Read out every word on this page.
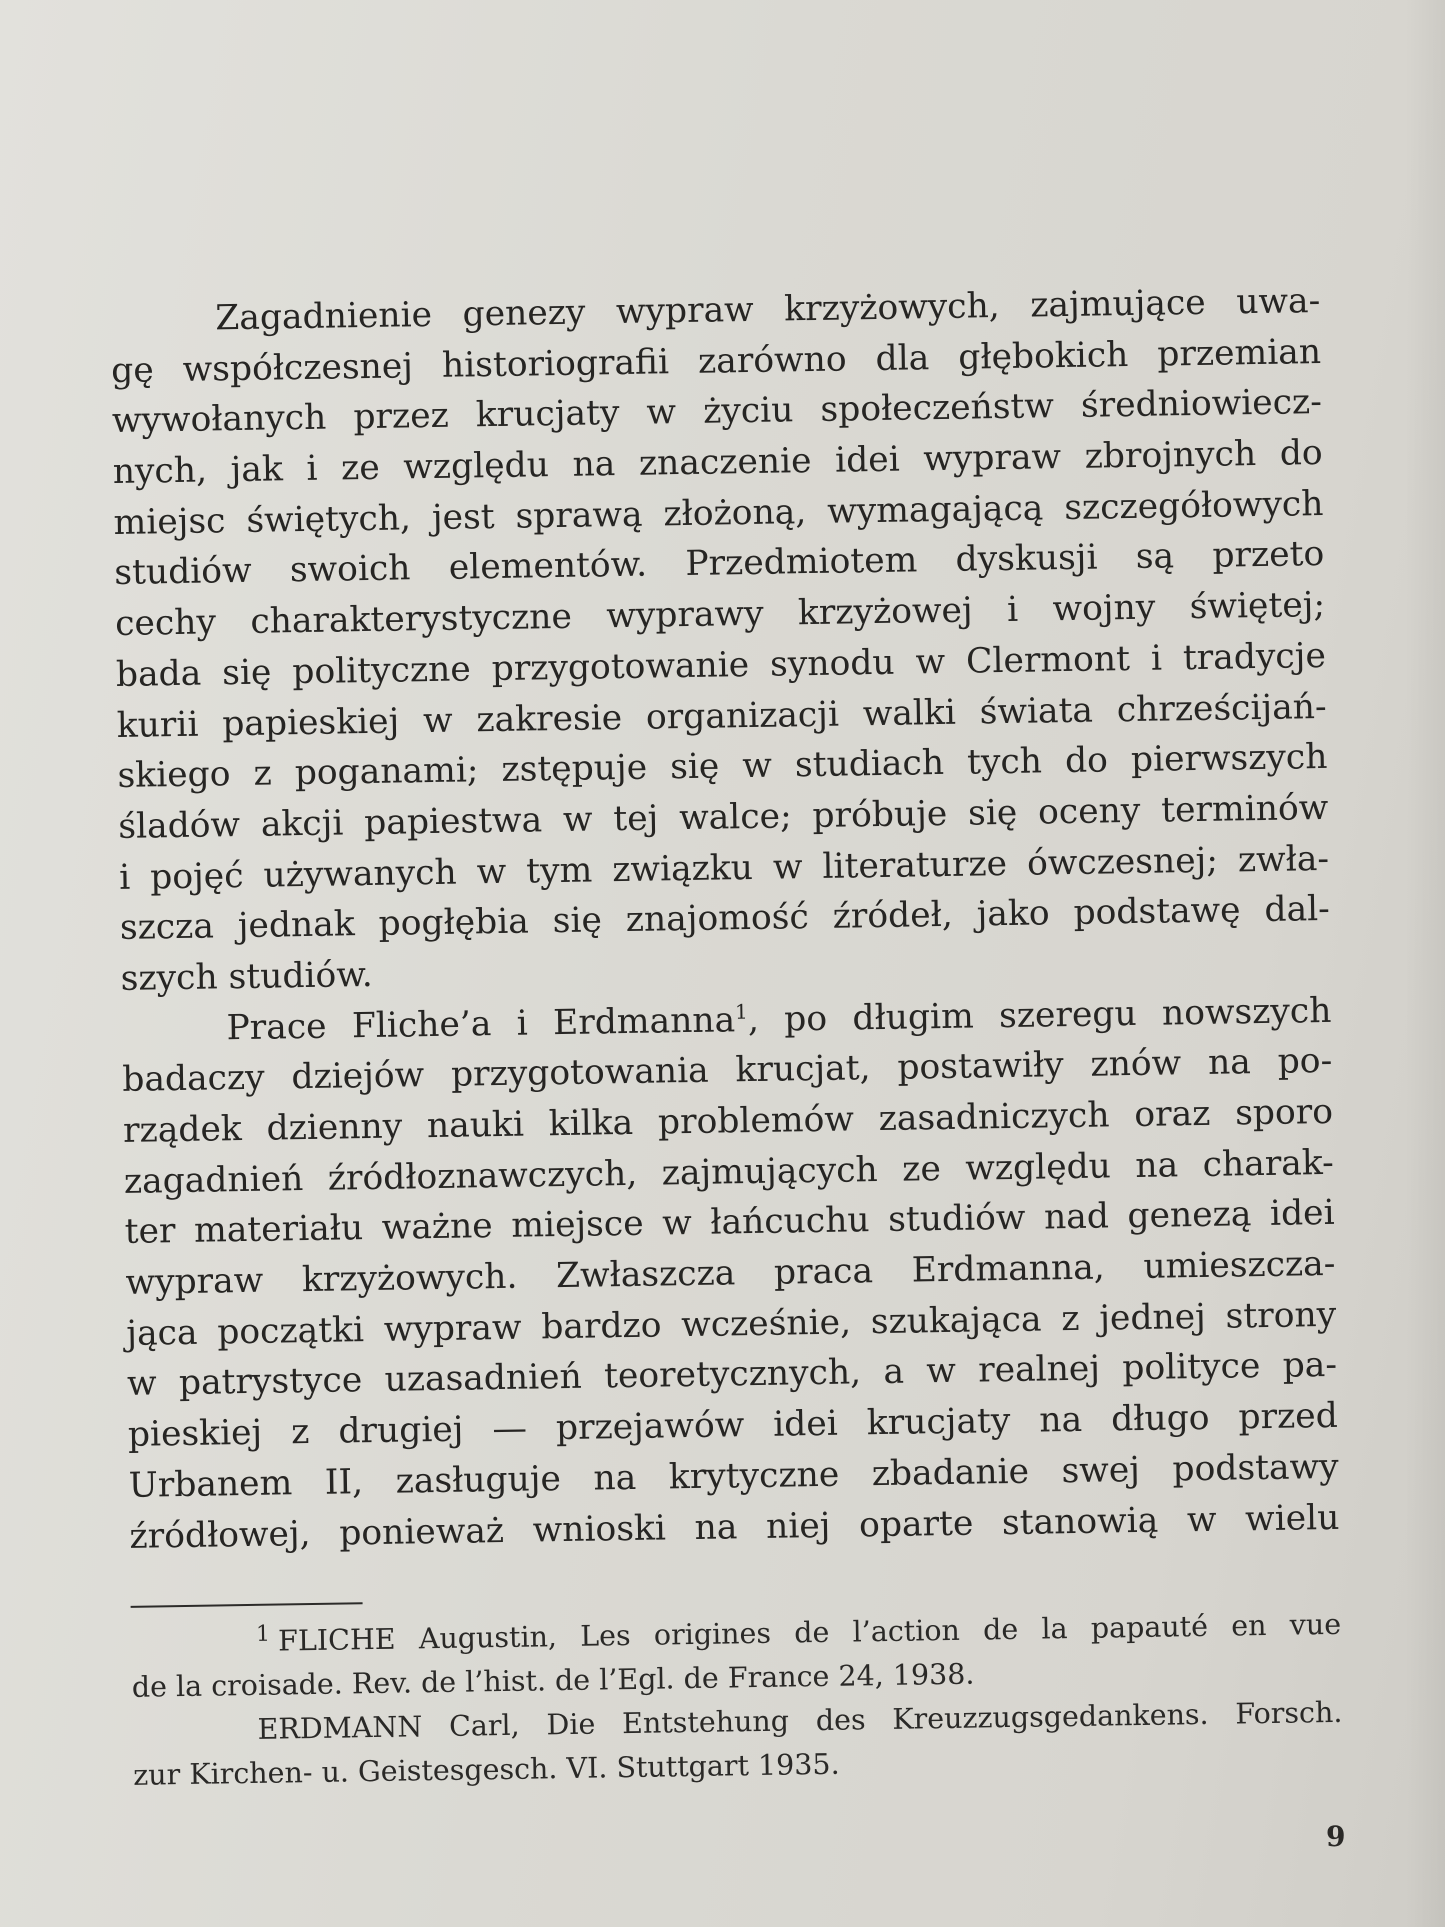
Zagadnienie genezy wypraw krzyżowych, zajmujące uwa-
gę współczesnej historiografii zarówno dla głębokich przemian
wywołanych przez krucjaty w życiu społeczeństw średniowiecz-
nych, jak i ze względu na znaczenie idei wypraw zbrojnych do
miejsc świętych, jest sprawą złożoną, wymagającą szczegółowych
studiów swoich elementów. Przedmiotem dyskusji są przeto
cechy charakterystyczne wyprawy krzyżowej i wojny świętej;
bada się polityczne przygotowanie synodu w Clermont i tradycje
kurii papieskiej w zakresie organizacji walki świata chrześcijań-
skiego z poganami; zstępuje się w studiach tych do pierwszych
śladów akcji papiestwa w tej walce; próbuje się oceny terminów
i pojęć używanych w tym związku w literaturze ówczesnej; zwła-
szcza jednak pogłębia się znajomość źródeł, jako podstawę dal-
szych studiów.
Prace Fliche’a i Erdmanna$^1$, po długim szeregu nowszych
badaczy dziejów przygotowania krucjat, postawiły znów na po-
rządek dzienny nauki kilka problemów zasadniczych oraz sporo
zagadnień źródłoznawczych, zajmujących ze względu na charak-
ter materiału ważne miejsce w łańcuchu studiów nad genezą idei
wypraw krzyżowych. Zwłaszcza praca Erdmanna, umieszcza-
jąca początki wypraw bardzo wcześnie, szukająca z jednej strony
w patrystyce uzasadnień teoretycznych, a w realnej polityce pa-
pieskiej z drugiej — przejawów idei krucjaty na długo przed
Urbanem II, zasługuje na krytyczne zbadanie swej podstawy
źródłowej, ponieważ wnioski na niej oparte stanowią w wielu
$^1$ FLICHE Augustin, Les origines de l’action de la papauté en vue
de la croisade. Rev. de l’hist. de l’Egl. de France 24, 1938.
ERDMANN Carl, Die Entstehung des Kreuzzugsgedankens. Forsch.
zur Kirchen- u. Geistesgesch. VI. Stuttgart 1935.
9
